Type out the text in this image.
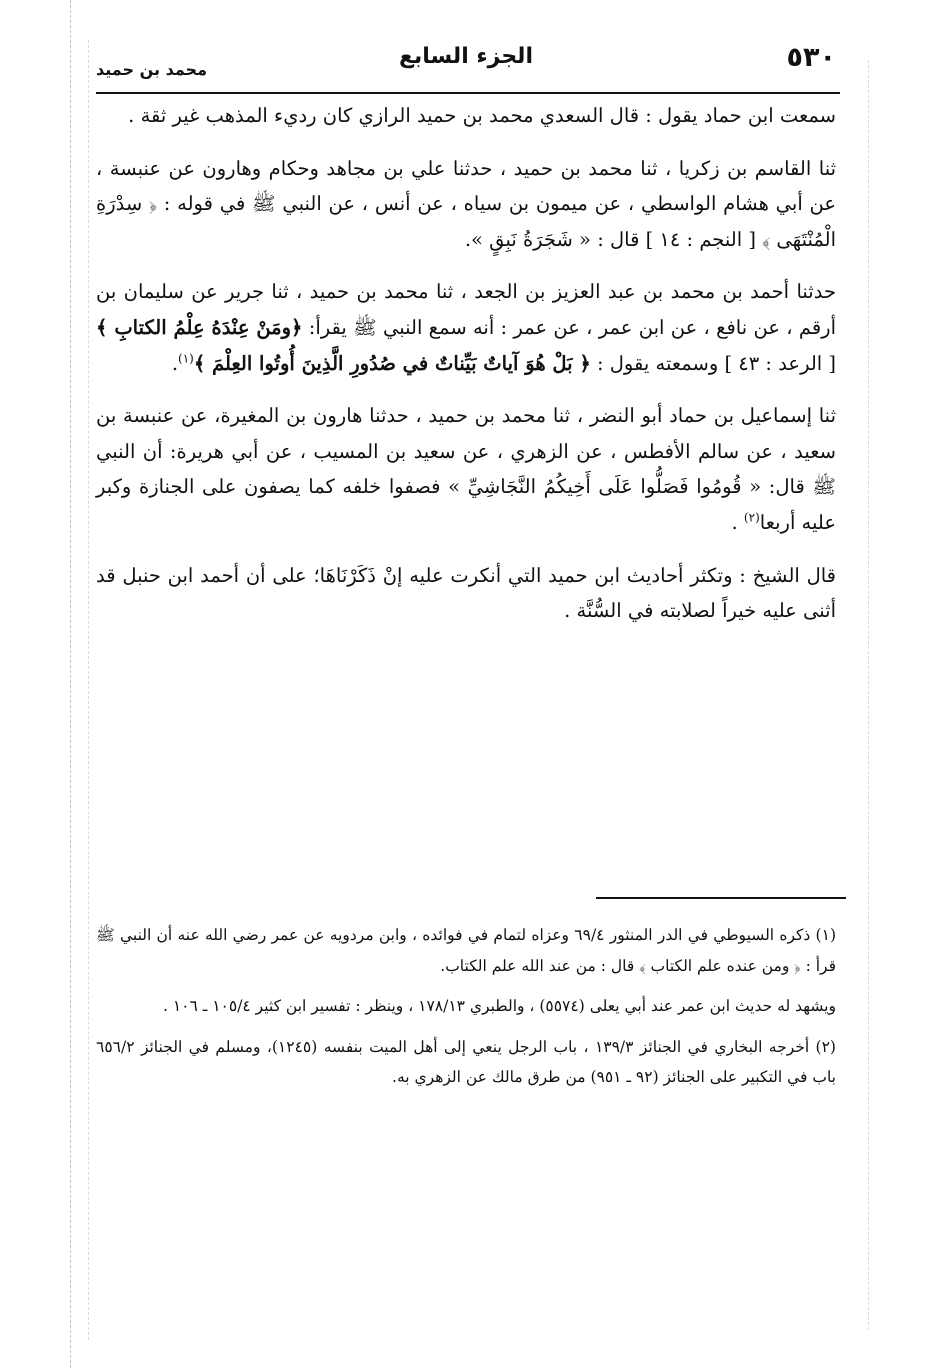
٥٣٠
الجزء السابع
محمد بن حميد

سمعت ابن حماد يقول : قال السعدي محمد بن حميد الرازي كان رديء المذهب غير ثقة .

ثنا القاسم بن زكريا ، ثنا محمد بن حميد ، حدثنا علي بن مجاهد وحكام وهارون عن عنبسة ، عن أبي هشام الواسطي ، عن ميمون بن سياه ، عن أنس ، عن النبي ﷺ في قوله : ﴿ سِدْرَةِ الْمُنْتَهَى ﴾ [ النجم : ١٤ ] قال : « شَجَرَةُ نَبِقٍ ».

حدثنا أحمد بن محمد بن عبد العزيز بن الجعد ، ثنا محمد بن حميد ، ثنا جرير عن سليمان بن أرقم ، عن نافع ، عن ابن عمر ، عن عمر : أنه سمع النبي ﷺ يقرأ: ﴿ومَنْ عِنْدَهُ عِلْمُ الكتابِ ﴾ [ الرعد : ٤٣ ] وسمعته يقول : ﴿ بَلْ هُوَ آياتٌ بَيِّناتٌ في صُدُورِ الَّذِينَ أُوتُوا العِلْمَ ﴾$^{(١)}$.

ثنا إسماعيل بن حماد أبو النضر ، ثنا محمد بن حميد ، حدثنا هارون بن المغيرة، عن عنبسة بن سعيد ، عن سالم الأفطس ، عن الزهري ، عن سعيد بن المسيب ، عن أبي هريرة: أن النبي ﷺ قال: « قُومُوا فَصَلُّوا عَلَى أَخِيكُمُ النَّجَاشِيِّ » فصفوا خلفه كما يصفون على الجنازة وكبر عليه أربعا$^{(٢)}$ .

قال الشيخ : وتكثر أحاديث ابن حميد التي أنكرت عليه إنْ ذَكَرْنَاهَا؛ على أن أحمد ابن حنبل قد أثنى عليه خيراً لصلابته في السُّنَّة .

(١) ذكره السيوطي في الدر المنثور ٦٩/٤ وعزاه لتمام في فوائده ، وابن مردويه عن عمر رضي الله عنه أن النبي ﷺ قرأ : ﴿ ومن عنده علم الكتاب ﴾ قال : من عند الله علم الكتاب.

ويشهد له حديث ابن عمر عند أبي يعلى (٥٥٧٤) ، والطبري ١٧٨/١٣ ، وينظر : تفسير ابن كثير ١٠٥/٤ ـ ١٠٦ .

(٢) أخرجه البخاري في الجنائز ١٣٩/٣ ، باب الرجل ينعي إلى أهل الميت بنفسه (١٢٤٥)، ومسلم في الجنائز ٦٥٦/٢ باب في التكبير على الجنائز (٩٢ ـ ٩٥١) من طرق مالك عن الزهري به.
